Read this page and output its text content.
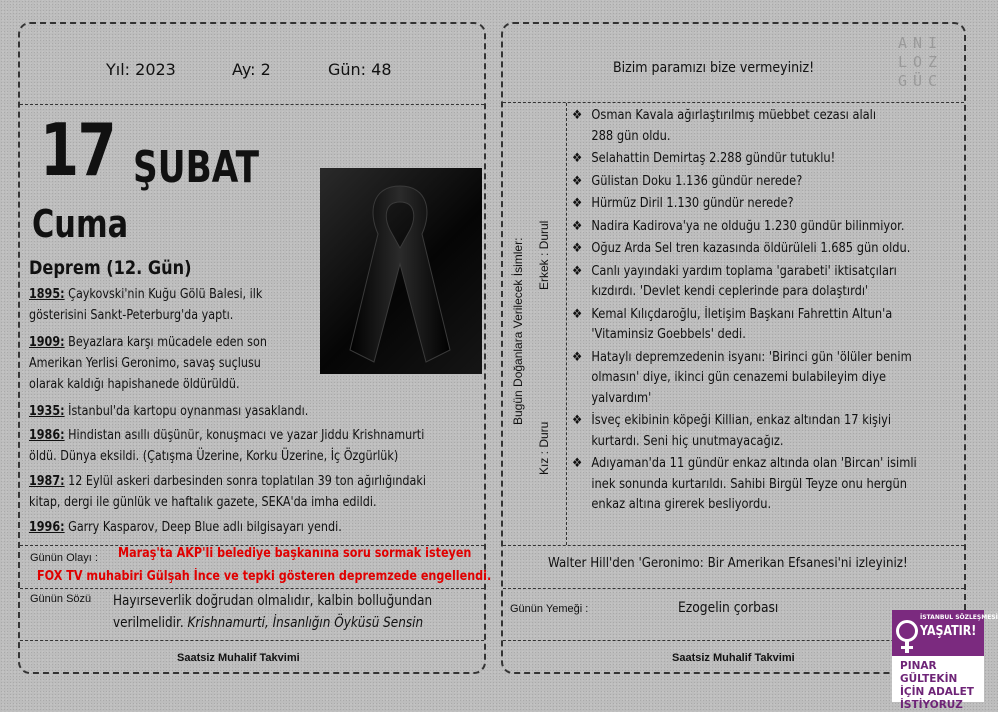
Yıl: 2023	Ay: 2	Gün: 48
17 ŞUBAT
Cuma
Deprem (12. Gün)
1895: Çaykovski'nin Kuğu Gölü Balesi, ilk
gösterisini Sankt-Peterburg'da yaptı.
1909: Beyazlara karşı mücadele eden son
Amerikan Yerlisi Geronimo, savaş suçlusu
olarak kaldığı hapishanede öldürüldü.
1935: İstanbul'da kartopu oynanması yasaklandı.
1986: Hindistan asıllı düşünür, konuşmacı ve yazar Jiddu Krishnamurti
öldü. Dünya eksildi. (Çatışma Üzerine, Korku Üzerine, İç Özgürlük)
1987: 12 Eylül askeri darbesinden sonra toplatılan 39 ton ağırlığındaki
kitap, dergi ile günlük ve haftalık gazete, SEKA'da imha edildi.
1996: Garry Kasparov, Deep Blue adlı bilgisayarı yendi.
Günün Olayı : Maraş'ta AKP'li belediye başkanına soru sormak isteyen
FOX TV muhabiri Gülşah İnce ve tepki gösteren depremzede engellendi.
Günün Sözü Hayırseverlik doğrudan olmalıdır, kalbin bolluğundan
verilmelidir. Krishnamurti, İnsanlığın Öyküsü Sensin
Saatsiz Muhalif Takvimi
Bizim paramızı bize vermeyiniz!
Bugün Doğanlara Verilecek İsimler: Erkek : Durul
Kız : Duru
❖ Osman Kavala ağırlaştırılmış müebbet cezası alalı
288 gün oldu.
❖ Selahattin Demirtaş 2.288 gündür tutuklu!
❖ Gülistan Doku 1.136 gündür nerede?
❖ Hürmüz Diril 1.130 gündür nerede?
❖ Nadira Kadirova'ya ne olduğu 1.230 gündür bilinmiyor.
❖ Oğuz Arda Sel tren kazasında öldürüleli 1.685 gün oldu.
❖ Canlı yayındaki yardım toplama 'garabeti' iktisatçıları
kızdırdı. 'Devlet kendi ceplerinde para dolaştırdı'
❖ Kemal Kılıçdaroğlu, İletişim Başkanı Fahrettin Altun'a
'Vitaminsiz Goebbels' dedi.
❖ Hataylı depremzedenin isyanı: 'Birinci gün 'ölüler benim
olmasın' diye, ikinci gün cenazemi bulabileyim diye
yalvardım'
❖ İsveç ekibinin köpeği Killian, enkaz altından 17 kişiyi
kurtardı. Seni hiç unutmayacağız.
❖ Adıyaman'da 11 gündür enkaz altında olan 'Bircan' isimli
inek sonunda kurtarıldı. Sahibi Birgül Teyze onu hergün
enkaz altına girerek besliyordu.
Walter Hill'den 'Geronimo: Bir Amerikan Efsanesi'ni izleyiniz!
Günün Yemeği :	Ezogelin çorbası
Saatsiz Muhalif Takvimi
ANI
LOZ
GÜC
İSTANBUL SÖZLEŞMESİ
YAŞATIR!
PINAR GÜLTEKİN
İÇİN ADALET
İSTİYORUZ
